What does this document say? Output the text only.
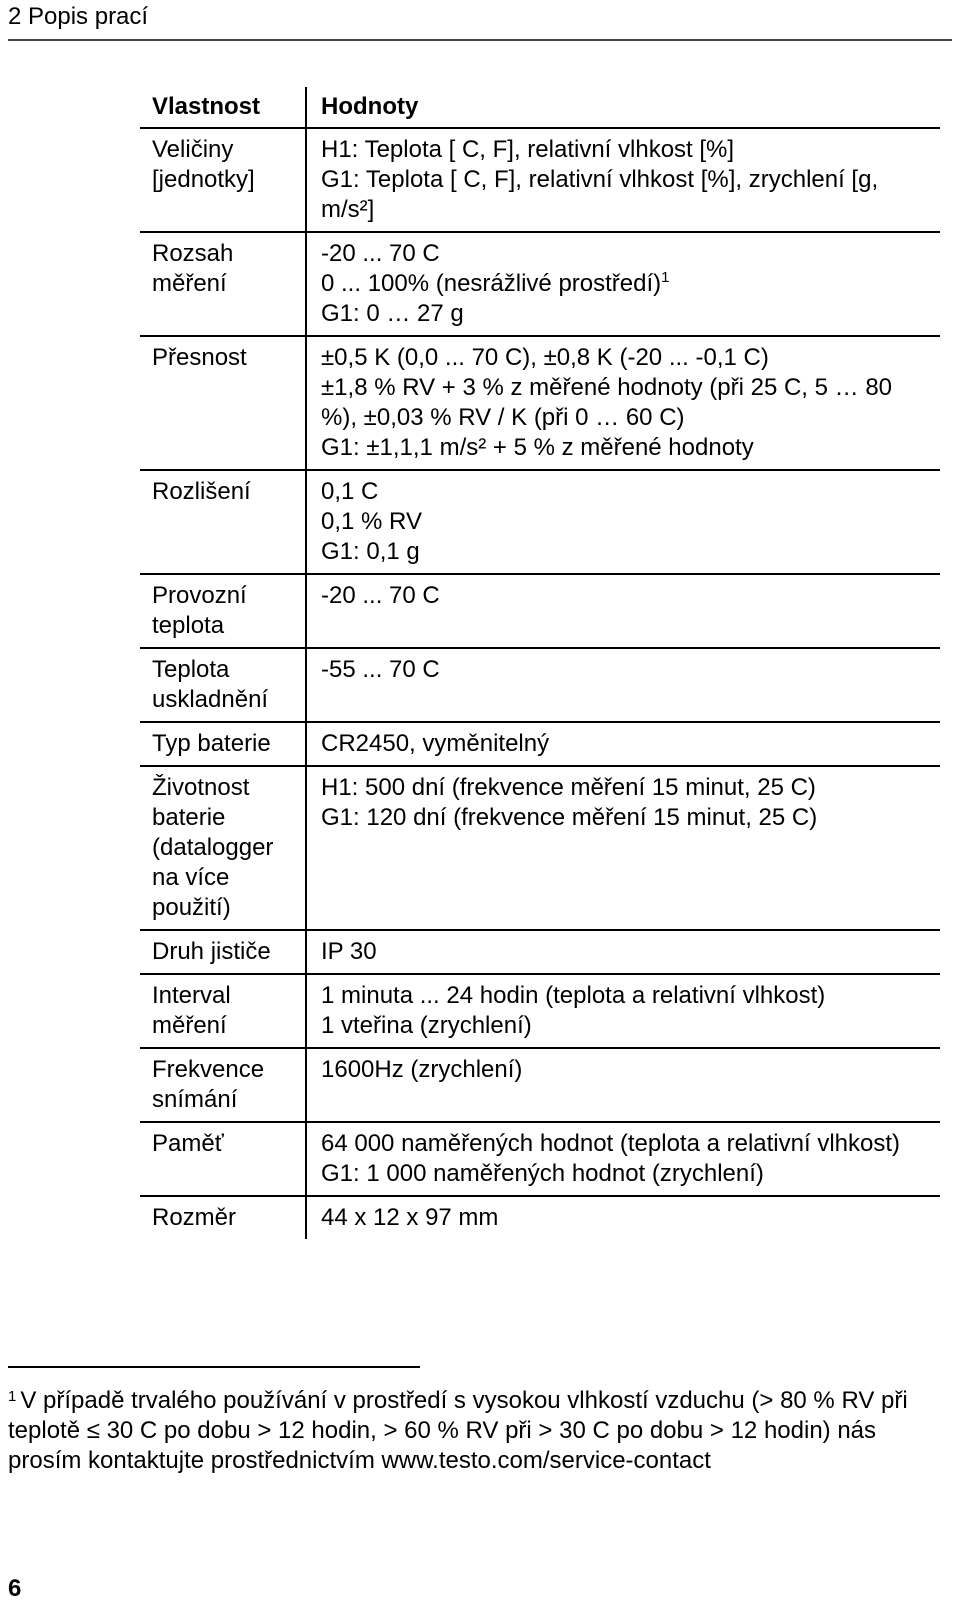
2 Popis prací
Vlastnost	Hodnoty
Veličiny [jednotky]	H1: Teplota [ C, F], relativní vlhkost [%]
G1: Teplota [ C, F], relativní vlhkost [%], zrychlení [g, m/s²]

Rozsah měření	-20 ... 70 C
0 ... 100% (nesrážlivé prostředí)$^1$
G1: 0 … 27 g

Přesnost	±0,5 K (0,0 ... 70 C), ±0,8 K (-20 ... -0,1 C)
±1,8 % RV + 3 % z měřené hodnoty (při 25 C, 5 … 80 %), ±0,03 % RV / K (při 0 … 60 C)
G1: ±1,1,1 m/s² + 5 % z měřené hodnoty

Rozlišení	0,1 C
0,1 % RV
G1: 0,1 g

Provozní teplota	-20 ... 70 C

Teplota uskladnění	-55 ... 70 C

Typ baterie	CR2450, vyměnitelný

Životnost baterie (datalogger na více použití)	H1: 500 dní (frekvence měření 15 minut, 25 C)
G1: 120 dní (frekvence měření 15 minut, 25 C)

Druh jističe	IP 30

Interval měření	1 minuta ... 24 hodin (teplota a relativní vlhkost)
1 vteřina (zrychlení)

Frekvence snímání	1600Hz (zrychlení)

Paměť	64 000 naměřených hodnot (teplota a relativní vlhkost)
G1: 1 000 naměřených hodnot (zrychlení)

Rozměr	44 x 12 x 97 mm
$^1$ V případě trvalého používání v prostředí s vysokou vlhkostí vzduchu (> 80 % RV při teplotě ≤ 30 C po dobu > 12 hodin, > 60 % RV při > 30 C po dobu > 12 hodin) nás prosím kontaktujte prostřednictvím www.testo.com/service-contact
6
